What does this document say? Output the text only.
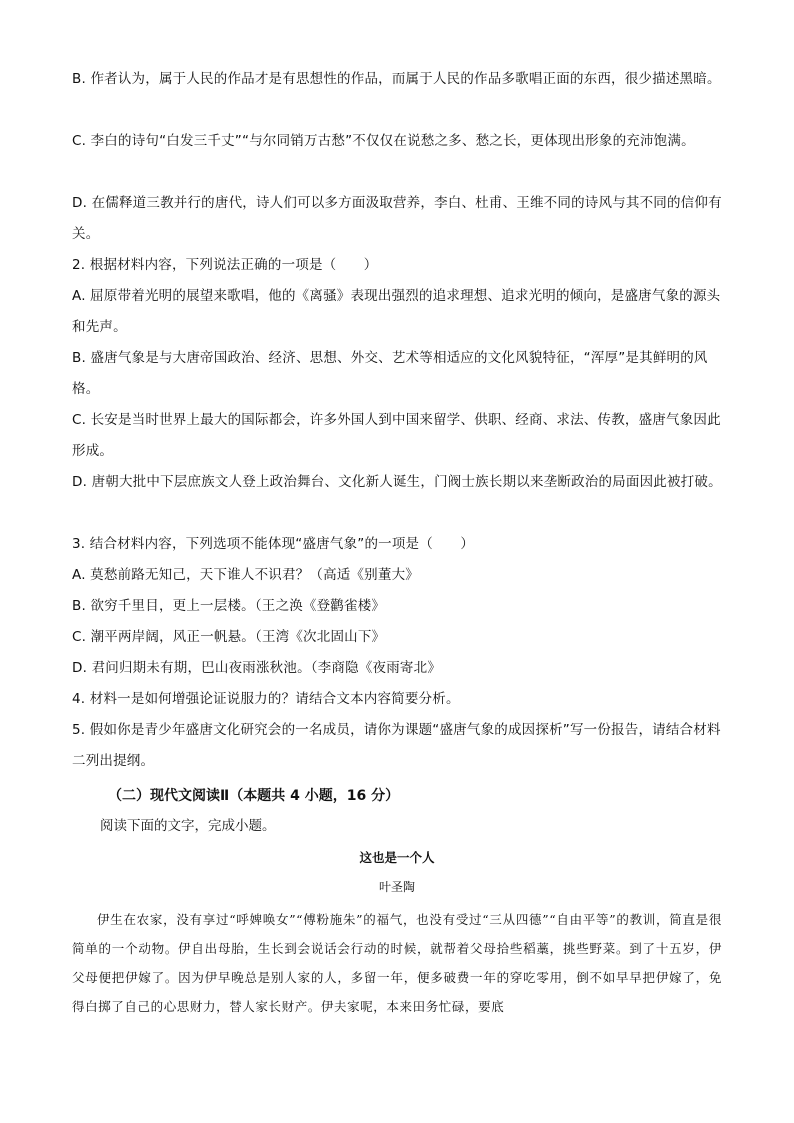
B. 作者认为，属于人民的作品才是有思想性的作品，而属于人民的作品多歌唱正面的东西，很少描述黑暗。
C. 李白的诗句“白发三千丈”“与尔同销万古愁”不仅仅在说愁之多、愁之长，更体现出形象的充沛饱满。
D. 在儒释道三教并行的唐代，诗人们可以多方面汲取营养，李白、杜甫、王维不同的诗风与其不同的信仰有关。
2. 根据材料内容，下列说法正确的一项是（　　）
A. 屈原带着光明的展望来歌唱，他的《离骚》表现出强烈的追求理想、追求光明的倾向，是盛唐气象的源头和先声。
B. 盛唐气象是与大唐帝国政治、经济、思想、外交、艺术等相适应的文化风貌特征，“浑厚”是其鲜明的风格。
C. 长安是当时世界上最大的国际都会，许多外国人到中国来留学、供职、经商、求法、传教，盛唐气象因此形成。
D. 唐朝大批中下层庶族文人登上政治舞台、文化新人诞生，门阀士族长期以来垄断政治的局面因此被打破。
3. 结合材料内容，下列选项不能体现“盛唐气象”的一项是（　　）
A. 莫愁前路无知己，天下谁人不识君？（高适《别董大》
B. 欲穷千里目，更上一层楼。（王之涣《登鹳雀楼》
C. 潮平两岸阔，风正一帆悬。（王湾《次北固山下》
D. 君问归期未有期，巴山夜雨涨秋池。（李商隐《夜雨寄北》
4. 材料一是如何增强论证说服力的？请结合文本内容简要分析。
5. 假如你是青少年盛唐文化研究会的一名成员，请你为课题“盛唐气象的成因探析”写一份报告，请结合材料二列出提纲。
（二）现代文阅读Ⅱ（本题共 4 小题，16 分）
阅读下面的文字，完成小题。
这也是一个人
叶圣陶
伊生在农家，没有享过“呼婢唤女”“傅粉施朱”的福气，也没有受过“三从四德”“自由平等”的教训，简直是很简单的一个动物。伊自出母胎，生长到会说话会行动的时候，就帮着父母拾些稻藁，挑些野菜。到了十五岁，伊父母便把伊嫁了。因为伊早晚总是别人家的人，多留一年，便多破费一年的穿吃零用，倒不如早早把伊嫁了，免得白掷了自己的心思财力，替人家长财产。伊夫家呢，本来田务忙碌，要底
